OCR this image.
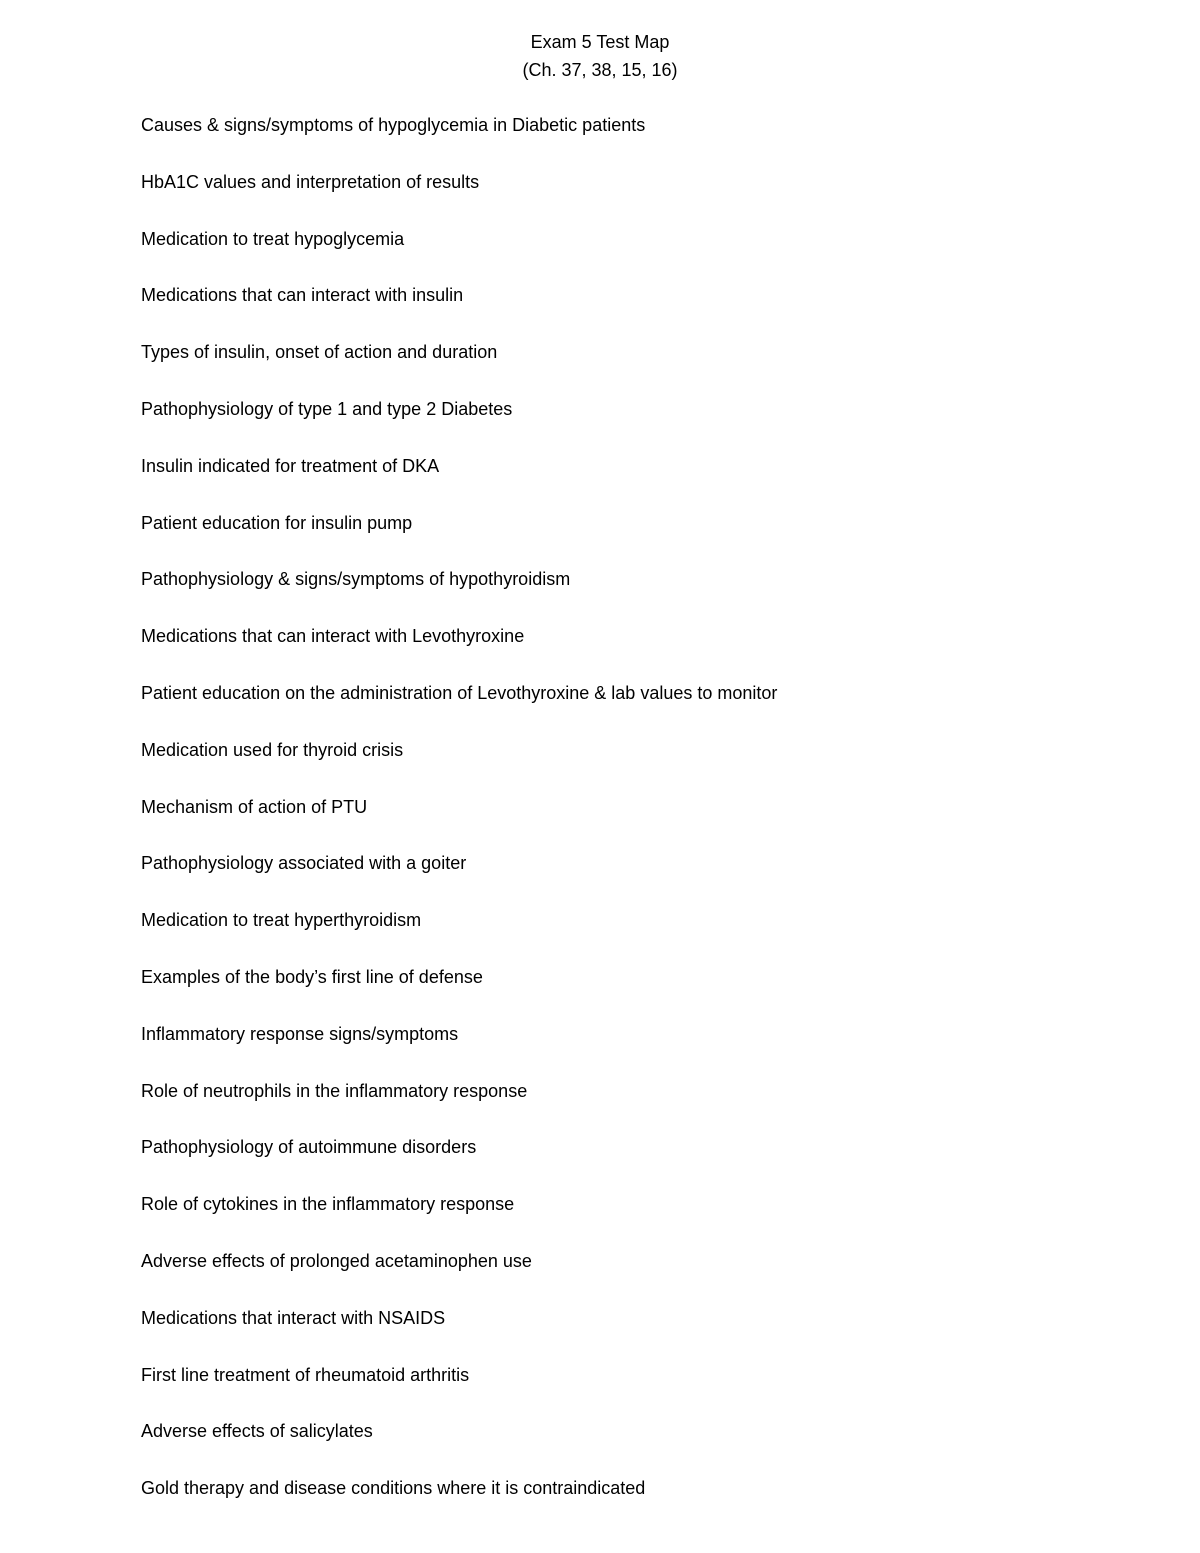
Exam 5 Test Map
(Ch. 37, 38, 15, 16)
Causes & signs/symptoms of hypoglycemia in Diabetic patients
HbA1C values and interpretation of results
Medication to treat hypoglycemia
Medications that can interact with insulin
Types of insulin, onset of action and duration
Pathophysiology of type 1 and type 2 Diabetes
Insulin indicated for treatment of DKA
Patient education for insulin pump
Pathophysiology & signs/symptoms of hypothyroidism
Medications that can interact with Levothyroxine
Patient education on the administration of Levothyroxine & lab values to monitor
Medication used for thyroid crisis
Mechanism of action of PTU
Pathophysiology associated with a goiter
Medication to treat hyperthyroidism
Examples of the body’s first line of defense
Inflammatory response signs/symptoms
Role of neutrophils in the inflammatory response
Pathophysiology of autoimmune disorders
Role of cytokines in the inflammatory response
Adverse effects of prolonged acetaminophen use
Medications that interact with NSAIDS
First line treatment of rheumatoid arthritis
Adverse effects of salicylates
Gold therapy and disease conditions where it is contraindicated
